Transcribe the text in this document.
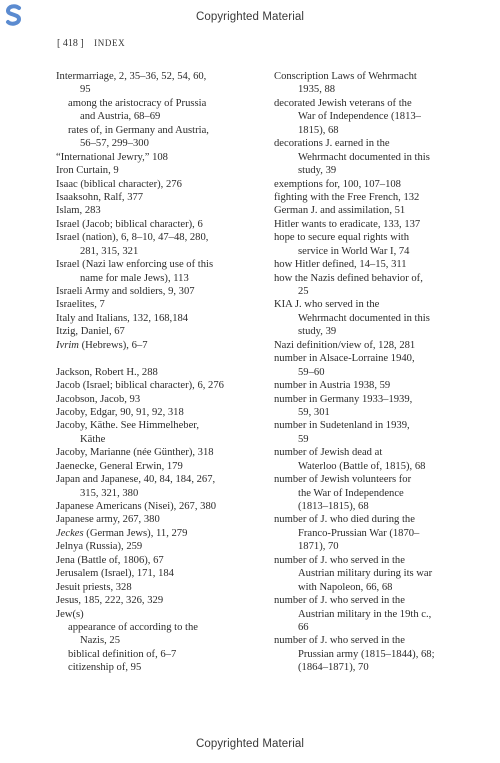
Copyrighted Material
[ 418 ] INDEX
Intermarriage, 2, 35–36, 52, 54, 60,
95
among the aristocracy of Prussia
and Austria, 68–69
rates of, in Germany and Austria,
56–57, 299–300
“International Jewry,” 108
Iron Curtain, 9
Isaac (biblical character), 276
Isaaksohn, Ralf, 377
Islam, 283
Israel (Jacob; biblical character), 6
Israel (nation), 6, 8–10, 47–48, 280,
281, 315, 321
Israel (Nazi law enforcing use of this
name for male Jews), 113
Israeli Army and soldiers, 9, 307
Israelites, 7
Italy and Italians, 132, 168,184
Itzig, Daniel, 67
Ivrim (Hebrews), 6–7
Jackson, Robert H., 288
Jacob (Israel; biblical character), 6, 276
Jacobson, Jacob, 93
Jacoby, Edgar, 90, 91, 92, 318
Jacoby, Käthe. See Himmelheber,
Käthe
Jacoby, Marianne (née Günther), 318
Jaenecke, General Erwin, 179
Japan and Japanese, 40, 84, 184, 267,
315, 321, 380
Japanese Americans (Nisei), 267, 380
Japanese army, 267, 380
Jeckes (German Jews), 11, 279
Jelnya (Russia), 259
Jena (Battle of, 1806), 67
Jerusalem (Israel), 171, 184
Jesuit priests, 328
Jesus, 185, 222, 326, 329
Jew(s)
appearance of according to the
Nazis, 25
biblical definition of, 6–7
citizenship of, 95
Conscription Laws of Wehrmacht
1935, 88
decorated Jewish veterans of the
War of Independence (1813–
1815), 68
decorations J. earned in the
Wehrmacht documented in this
study, 39
exemptions for, 100, 107–108
fighting with the Free French, 132
German J. and assimilation, 51
Hitler wants to eradicate, 133, 137
hope to secure equal rights with
service in World War I, 74
how Hitler defined, 14–15, 311
how the Nazis defined behavior of,
25
KIA J. who served in the
Wehrmacht documented in this
study, 39
Nazi definition/view of, 128, 281
number in Alsace-Lorraine 1940,
59–60
number in Austria 1938, 59
number in Germany 1933–1939,
59, 301
number in Sudetenland in 1939,
59
number of Jewish dead at
Waterloo (Battle of, 1815), 68
number of Jewish volunteers for
the War of Independence
(1813–1815), 68
number of J. who died during the
Franco-Prussian War (1870–
1871), 70
number of J. who served in the
Austrian military during its war
with Napoleon, 66, 68
number of J. who served in the
Austrian military in the 19th c.,
66
number of J. who served in the
Prussian army (1815–1844), 68;
(1864–1871), 70
Copyrighted Material
